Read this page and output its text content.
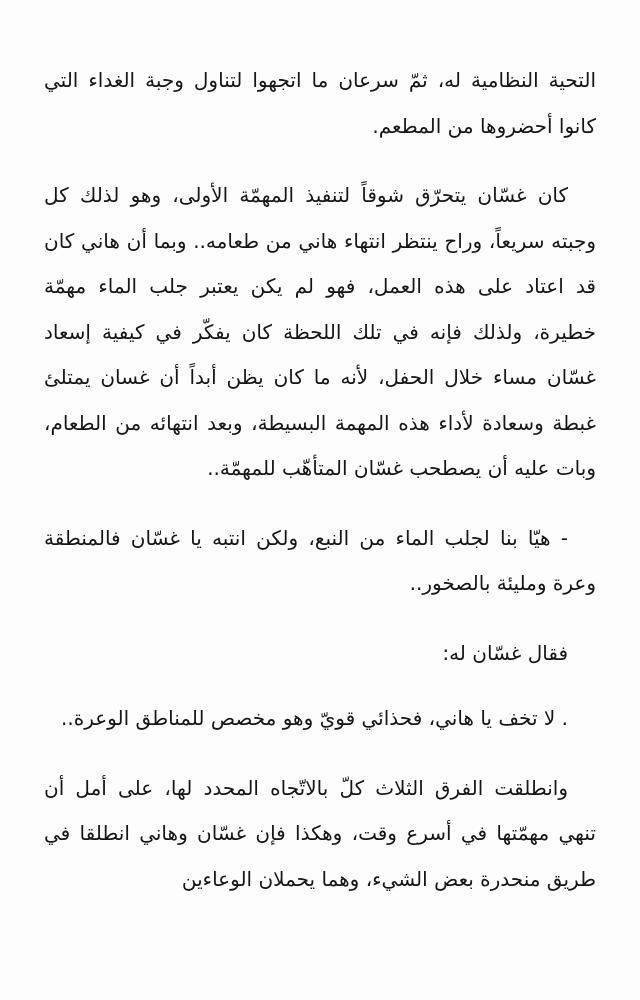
التحية النظامية له، ثمّ سرعان ما اتجهوا لتناول وجبة الغداء التي كانوا أحضروها من المطعم.

كان غسّان يتحرّق شوقاً لتنفيذ المهمّة الأولى، وهو لذلك كل وجبته سريعاً، وراح ينتظر انتهاء هاني من طعامه.. وبما أن هاني كان قد اعتاد على هذه العمل، فهو لم يكن يعتبر جلب الماء مهمّة خطيرة، ولذلك فإنه في تلك اللحظة كان يفكّر في كيفية إسعاد غسّان مساء خلال الحفل، لأنه ما كان يظن أبداً أن غسان يمتلئ غبطة وسعادة لأداء هذه المهمة البسيطة، وبعد انتهائه من الطعام، وبات عليه أن يصطحب غسّان المتأهّب للمهمّة..

- هيّا بنا لجلب الماء من النبع، ولكن انتبه يا غسّان فالمنطقة وعرة ومليئة بالصخور..

فقال غسّان له:

. لا تخف يا هاني، فحذائي قويّ وهو مخصص للمناطق الوعرة..

وانطلقت الفرق الثلاث كلّ بالاتّجاه المحدد لها، على أمل أن تنهي مهمّتها في أسرع وقت، وهكذا فإن غسّان وهاني انطلقا في طريق منحدرة بعض الشيء، وهما يحملان الوعاءين
